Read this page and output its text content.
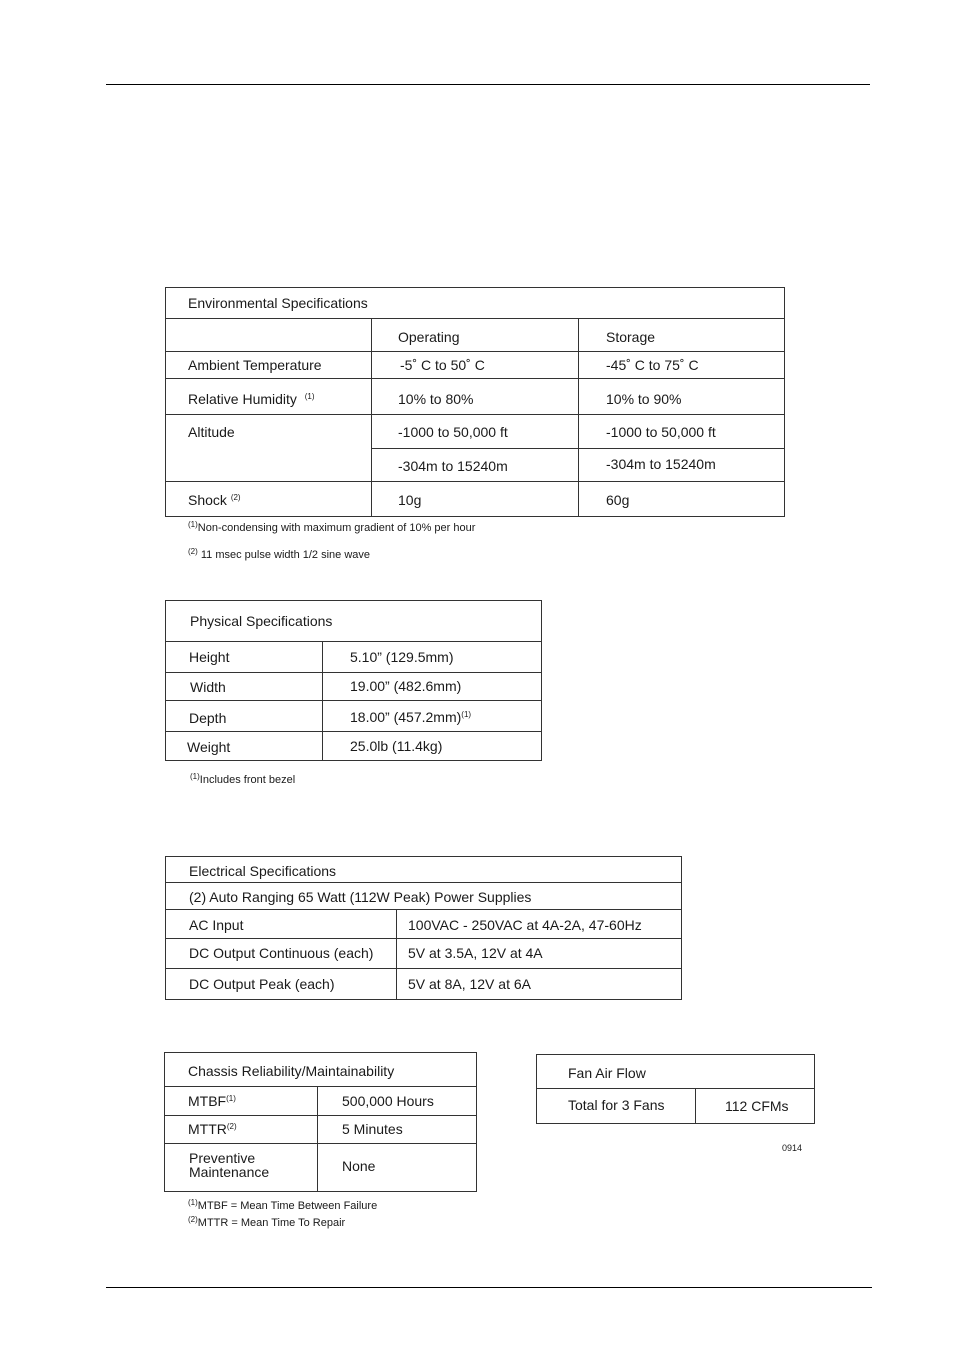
Environmental Specifications
Operating	Storage
Ambient Temperature	-5˚ C to 50˚ C	-45˚ C to 75˚ C
Relative Humidity $^{(1)}$	10% to 80%	10% to 90%
Altitude	-1000 to 50,000 ft	-1000 to 50,000 ft
-304m to 15240m	-304m to 15240m
Shock $^{(2)}$	10g	60g
$^{(1)}$Non-condensing with maximum gradient of 10% per hour
$^{(2)}$ 11 msec pulse width 1/2 sine wave
Physical Specifications
Height	5.10” (129.5mm)
Width	19.00” (482.6mm)
Depth	18.00” $(457.2mm)^{(1)}$
Weight	25.0lb (11.4kg)
$^{(1)}$Includes front bezel
Electrical Specifications
(2) Auto Ranging 65 Watt (112W Peak) Power Supplies
AC Input	100VAC - 250VAC at 4A-2A, 47-60Hz
DC Output Continuous (each) 5V at 3.5A, 12V at 4A
DC Output Peak (each)	5V at 8A, 12V at 6A
Chassis Reliability/Maintainability
MTBF$^{(1)}$	500,000 Hours
MTTR$^{(2)}$	5 Minutes
Preventive
Maintenance	None
$^{(1)}$MTBF = Mean Time Between Failure
$^{(2)}$MTTR = Mean Time To Repair
Fan Air Flow
Total for 3 Fans	112 CFMs
0914
